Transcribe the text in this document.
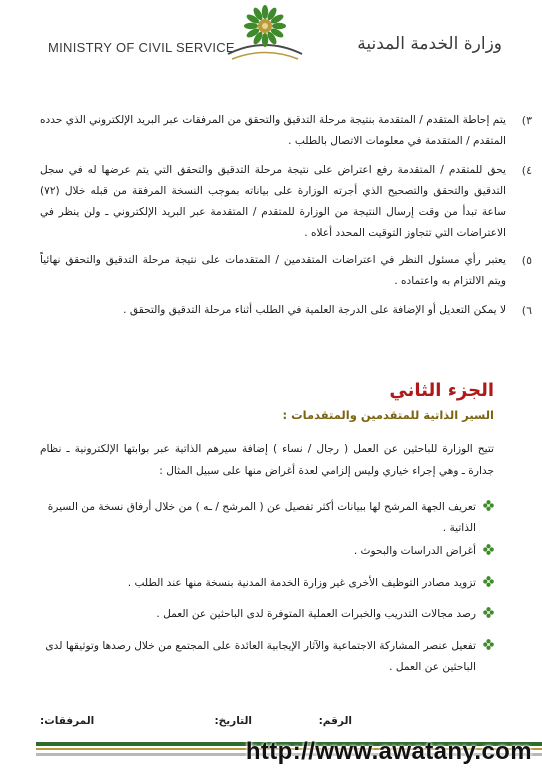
MINISTRY OF CIVIL SERVICE	وزارة الخدمة المدنية
٣)

يتم إحاطة المتقدم / المتقدمة بنتيجة مرحلة التدقيق والتحقق من المرفقات عبر البريد الإلكتروني الذي حدده المتقدم / المتقدمة في معلومات الاتصال بالطلب .

٤)

يحق للمتقدم / المتقدمة رفع اعتراض على نتيجة مرحلة التدقيق والتحقق التي يتم عرضها له في سجل التدقيق والتحقق والتصحيح الذي أجرته الوزارة على بياناته بموجب النسخة المرفقة من قبله خلال (٧٢) ساعة تبدأ من وقت إرسال النتيجة من الوزارة للمتقدم / المتقدمة عبر البريد الإلكتروني ـ ولن ينظر في الاعتراضات التي تتجاوز التوقيت المحدد أعلاه .

٥)

يعتبر رأي مسئول النظر في اعتراضات المتقدمين / المتقدمات على نتيجة مرحلة التدقيق والتحقق نهائياً ويتم الالتزام به واعتماده .

٦)

لا يمكن التعديل أو الإضافة على الدرجة العلمية في الطلب أثناء مرحلة التدقيق والتحقق .

الجزء الثاني
السير الذاتية للمتقدمين والمتقدمات :
تتيح الوزارة للباحثين عن العمل ( رجال / نساء ) إضافة سيرهم الذاتية عبر بوابتها الإلكترونية ـ نظام جدارة ـ وهي إجراء خياري وليس إلزامي لعدة أغراض منها على سبيل المثال :

تعريف الجهة المرشح لها ببيانات أكثر تفصيل عن ( المرشح / ـه ) من خلال أرفاق نسخة من السيرة الذاتية .

أغراض الدراسات والبحوث .

تزويد مصادر التوظيف الأخرى غير وزارة الخدمة المدنية بنسخة منها عند الطلب .

رصد مجالات التدريب والخبرات العملية المتوفرة لدى الباحثين عن العمل .

تفعيل عنصر المشاركة الاجتماعية والآثار الإيجابية العائدة على المجتمع من خلال رصدها وتوثيقها لدى الباحثين عن العمل .

الرقم:
التاريخ:
المرفقات:
http://www.awatany.com
